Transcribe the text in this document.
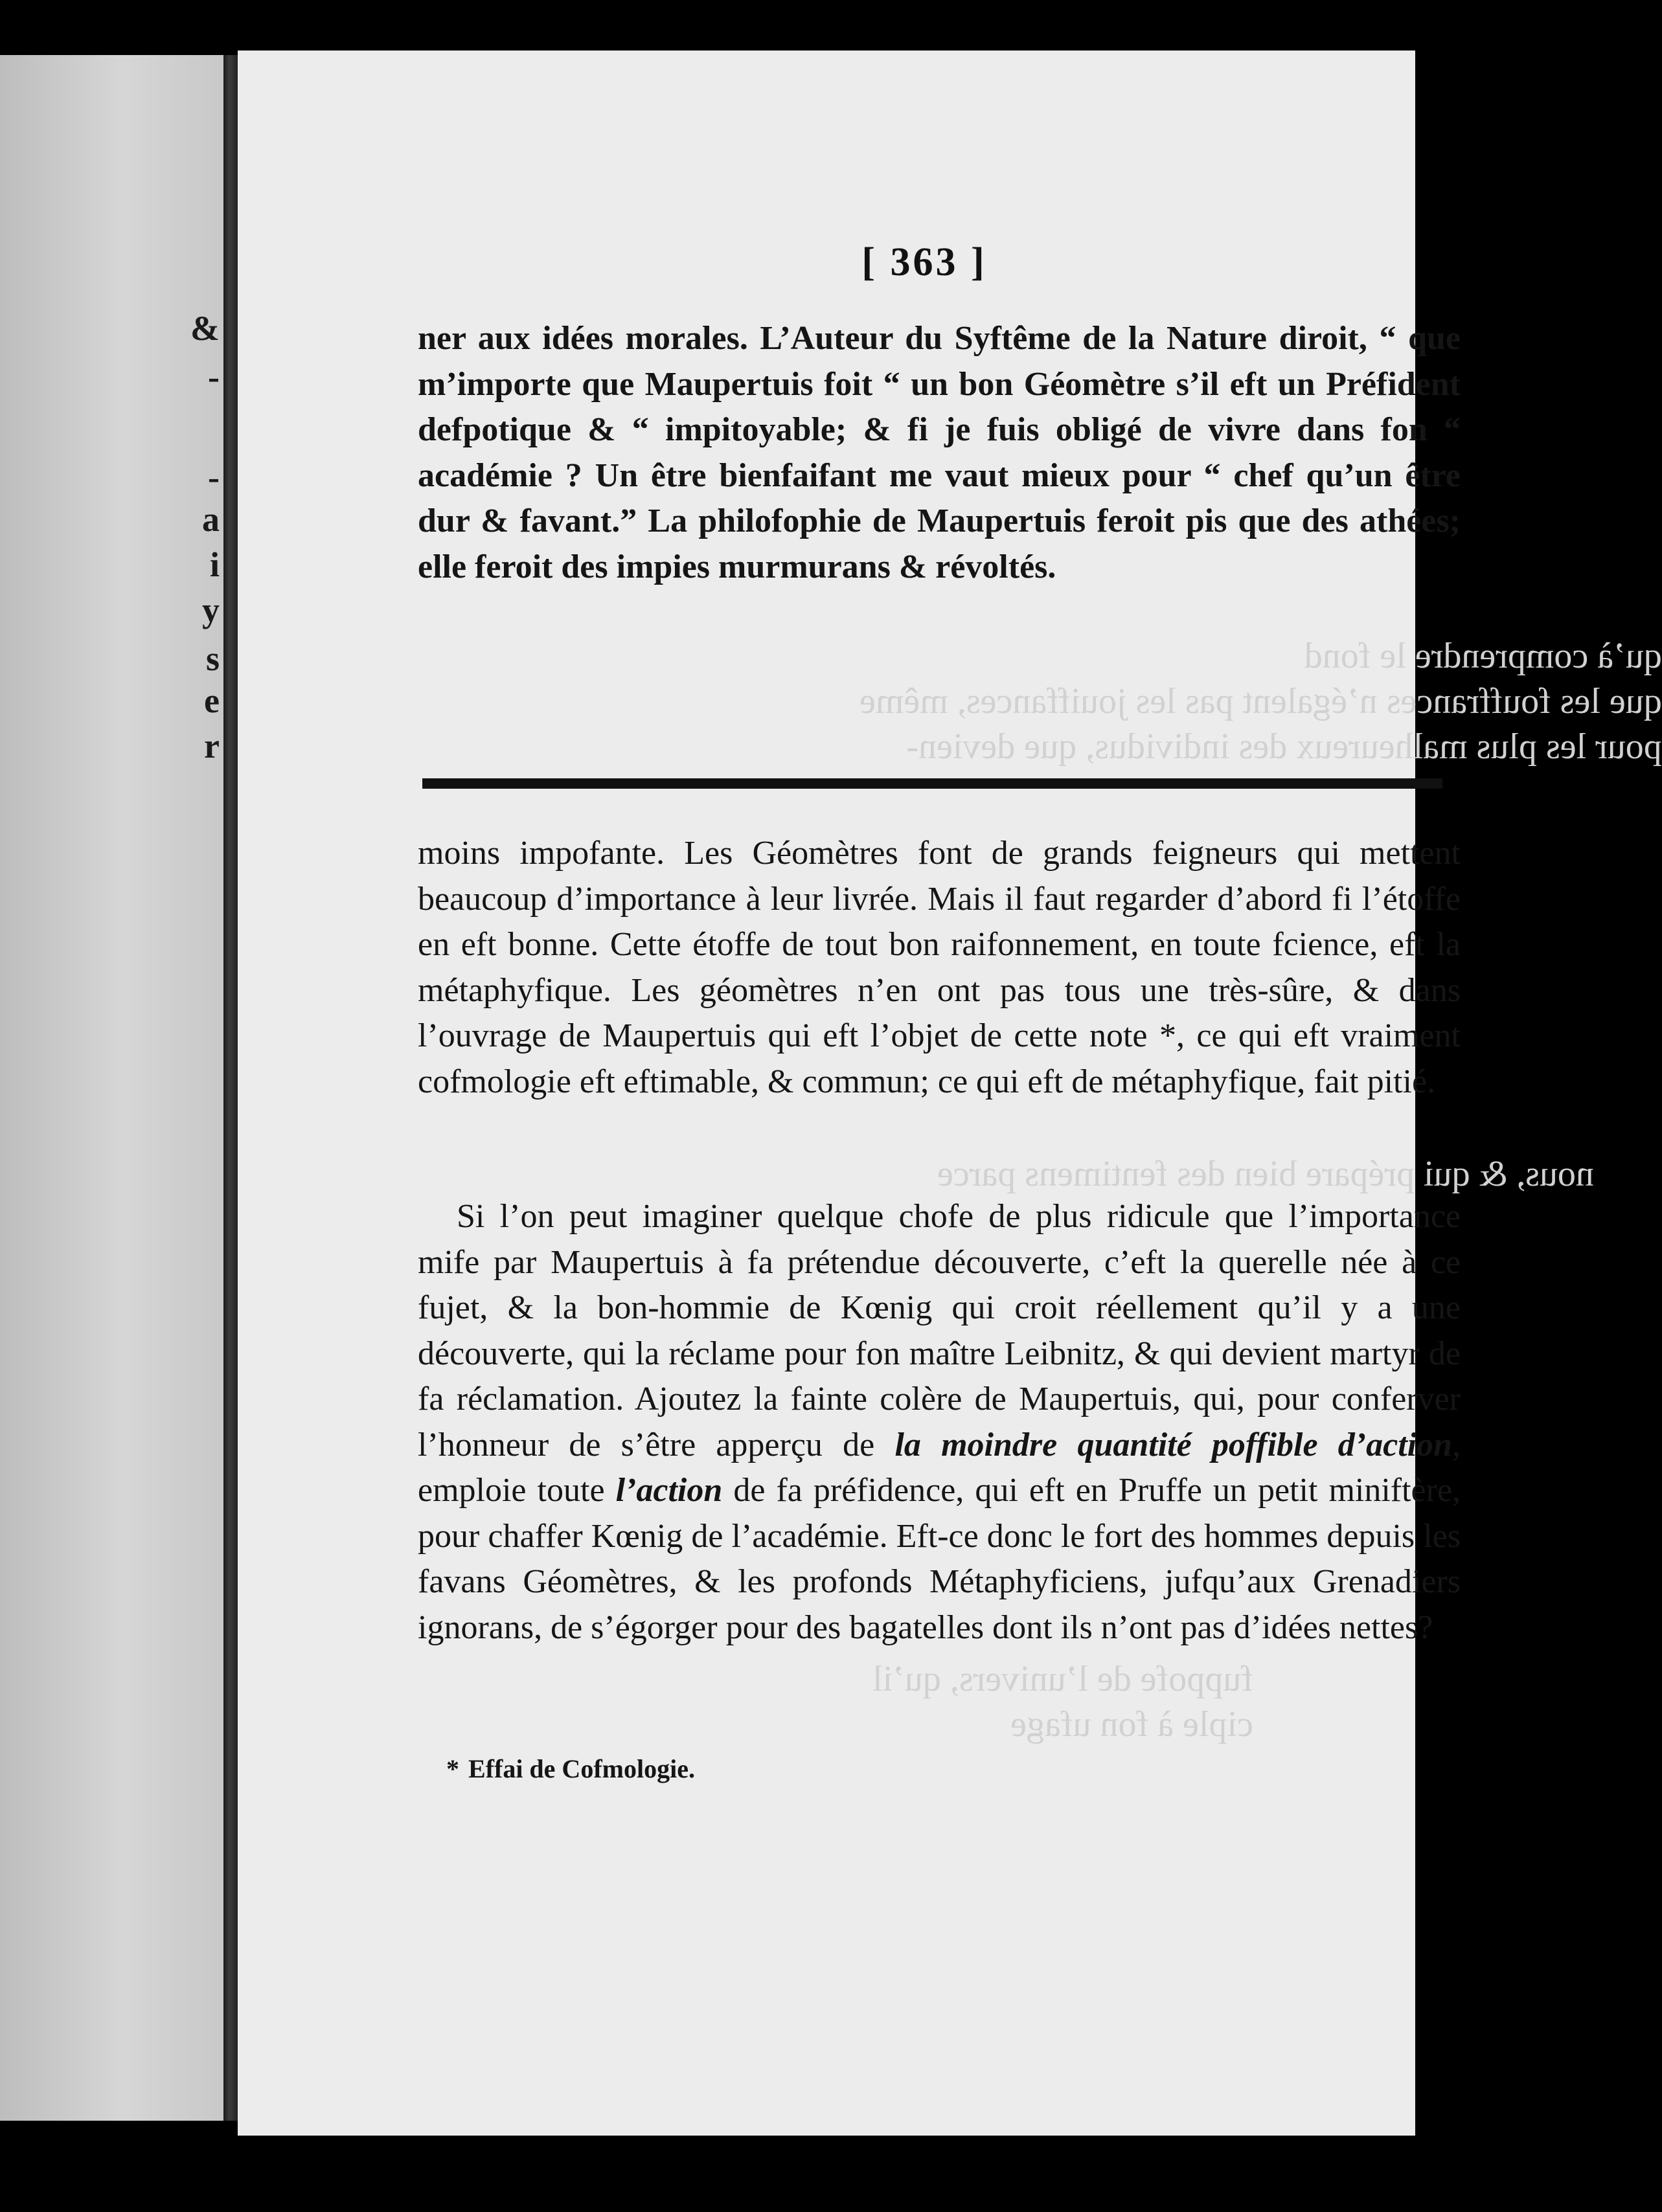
&
-
-
a
i
y
s
e
r
qu’à comprendre le fond
que les fouffrances n’égalent pas les jouiffances, même
pour les plus malheureux des individus, que devien-
nous, & qui prépare bien des fentimens parce
fuppofe de l’univers, qu’il
ciple à fon ufage
[ 363 ]

ner aux idées morales. L’Auteur du Syftême de la Nature diroit, “ que m’importe que Maupertuis foit “ un bon Géomètre s’il eft un Préfident defpotique & “ impitoyable; & fi je fuis obligé de vivre dans fon “ académie ? Un être bienfaifant me vaut mieux pour “ chef qu’un être dur & favant.” La philofophie de Maupertuis feroit pis que des athées; elle feroit des impies murmurans & révoltés.

moins impofante. Les Géomètres font de grands feigneurs qui mettent beaucoup d’importance à leur livrée. Mais il faut regarder d’abord fi l’étoffe en eft bonne. Cette étoffe de tout bon raifonnement, en toute fcience, eft la métaphyfique. Les géomètres n’en ont pas tous une très-sûre, & dans l’ouvrage de Maupertuis qui eft l’objet de cette note *, ce qui eft vraiment cofmologie eft eftimable, & commun; ce qui eft de métaphyfique, fait pitié.

Si l’on peut imaginer quelque chofe de plus ridicule que l’importance mife par Maupertuis à fa prétendue découverte, c’eft la querelle née à ce fujet, & la bon-hommie de Kœnig qui croit réellement qu’il y a une découverte, qui la réclame pour fon maître Leibnitz, & qui devient martyr de fa réclamation. Ajoutez la fainte colère de Maupertuis, qui, pour conferver l’honneur de s’être apperçu de la moindre quantité poffible d’action, emploie toute l’action de fa préfidence, qui eft en Pruffe un petit miniftère, pour chaffer Kœnig de l’académie. Eft-ce donc le fort des hommes depuis les favans Géomètres, & les profonds Métaphyficiens, jufqu’aux Grenadiers ignorans, de s’égorger pour des bagatelles dont ils n’ont pas d’idées nettes?

* Effai de Cofmologie.
